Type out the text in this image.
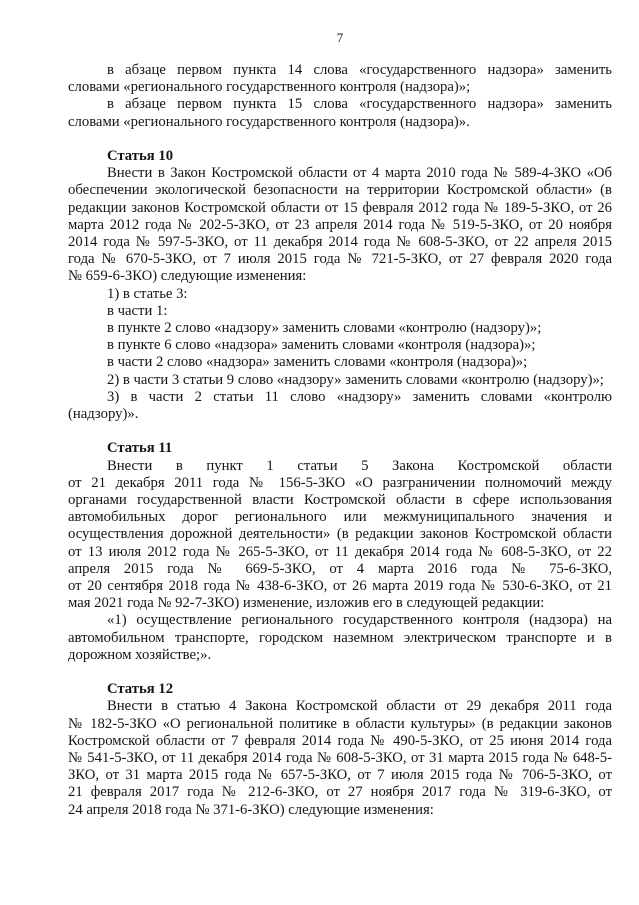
7
в абзаце первом пункта 14 слова «государственного надзора» заменить
словами «регионального государственного контроля (надзора)»;
в абзаце первом пункта 15 слова «государственного надзора» заменить
словами «регионального государственного контроля (надзора)».
Статья 10
Внести в Закон Костромской области от 4 марта 2010 года № 589-4-ЗКО «Об
обеспечении экологической безопасности на территории Костромской области» (в
редакции законов Костромской области от 15 февраля 2012 года № 189-5-ЗКО, от 26
марта 2012 года № 202-5-ЗКО, от 23 апреля 2014 года № 519-5-ЗКО, от 20 ноября
2014 года № 597-5-ЗКО, от 11 декабря 2014 года № 608-5-ЗКО, от 22 апреля 2015
года № 670-5-ЗКО, от 7 июля 2015 года № 721-5-ЗКО, от 27 февраля 2020 года
№ 659-6-ЗКО) следующие изменения:
1) в статье 3:
в части 1:
в пункте 2 слово «надзору» заменить словами «контролю (надзору)»;
в пункте 6 слово «надзора» заменить словами «контроля (надзора)»;
в части 2 слово «надзора» заменить словами «контроля (надзора)»;
2) в части 3 статьи 9 слово «надзору» заменить словами «контролю (надзору)»;
3) в части 2 статьи 11 слово «надзору» заменить словами «контролю
(надзору)».
Статья 11
Внести в пункт 1 статьи 5 Закона Костромской области
от 21 декабря 2011 года № 156-5-ЗКО «О разграничении полномочий между
органами государственной власти Костромской области в сфере использования
автомобильных дорог регионального или межмуниципального значения и
осуществления дорожной деятельности» (в редакции законов Костромской области
от 13 июля 2012 года № 265-5-ЗКО, от 11 декабря 2014 года № 608-5-ЗКО, от 22
апреля 2015 года № 669-5-ЗКО, от 4 марта 2016 года № 75-6-ЗКО,
от 20 сентября 2018 года № 438-6-ЗКО, от 26 марта 2019 года № 530-6-ЗКО, от 21
мая 2021 года № 92-7-ЗКО) изменение, изложив его в следующей редакции:
«1) осуществление регионального государственного контроля (надзора) на
автомобильном транспорте, городском наземном электрическом транспорте и в
дорожном хозяйстве;».
Статья 12
Внести в статью 4 Закона Костромской области от 29 декабря 2011 года
№ 182-5-ЗКО «О региональной политике в области культуры» (в редакции законов
Костромской области от 7 февраля 2014 года № 490-5-ЗКО, от 25 июня 2014 года
№ 541-5-ЗКО, от 11 декабря 2014 года № 608-5-ЗКО, от 31 марта 2015 года № 648-5-
ЗКО, от 31 марта 2015 года № 657-5-ЗКО, от 7 июля 2015 года № 706-5-ЗКО, от
21 февраля 2017 года № 212-6-ЗКО, от 27 ноября 2017 года № 319-6-ЗКО, от
24 апреля 2018 года № 371-6-ЗКО) следующие изменения:
